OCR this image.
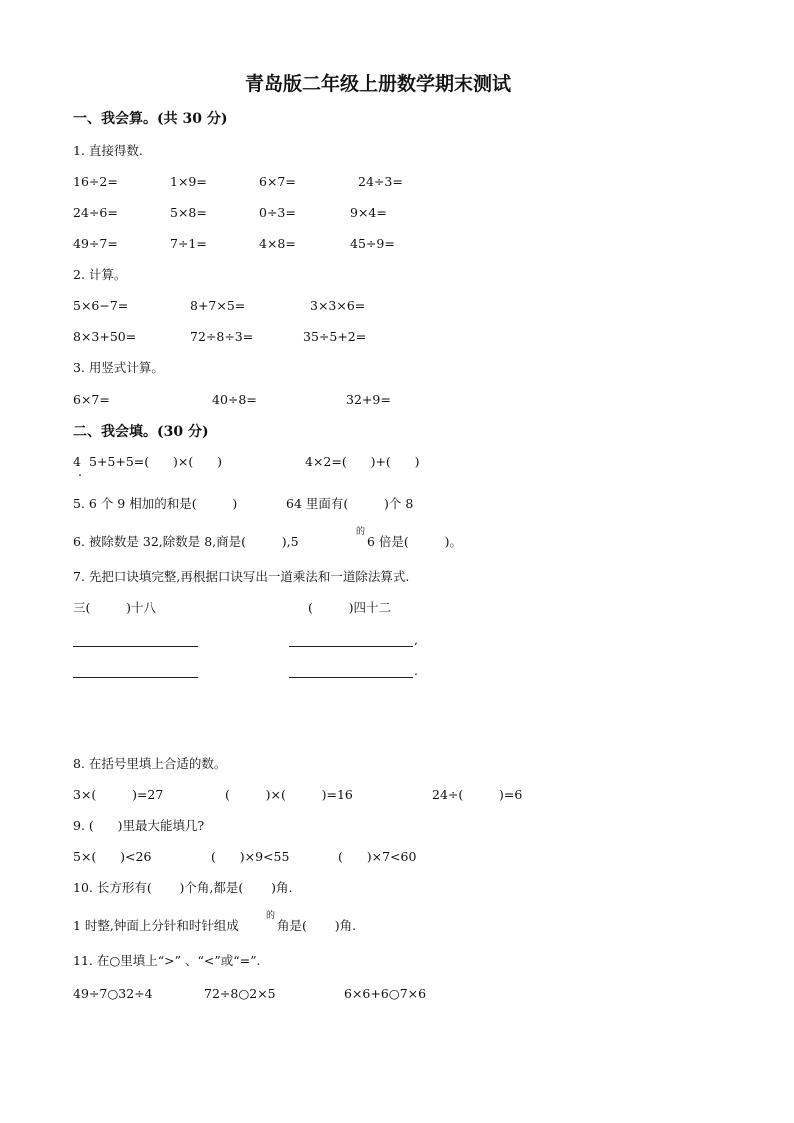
青岛版二年级上册数学期末测试
一、我会算。(共 30 分)
1. 直接得数.
16÷2=	1×9=	6×7=	24÷3=
24÷6=	5×8=	0÷3=	9×4=
49÷7=	7÷1=	4×8=	45÷9=
2. 计算。
5×6−7=	8+7×5=	3×3×6=
8×3+50=	72÷8÷3=	35÷5+2=
3. 用竖式计算。
6×7=	40÷8=	32+9=
二、我会填。(30 分)
4 5+5+5=(      )×(      )	4×2=(      )+(      )
5. 6 个 9 相加的和是(         )	64 里面有(         )个 8
6. 被除数是 32,除数是 8,商是(         ),5
的
6 倍是(         )。
7. 先把口诀填完整,再根据口诀写出一道乘法和一道除法算式.
三(         )十八	(         )四十二
,
.
8. 在括号里填上合适的数。
3×(         )=27	(         )×(         )=16	24÷(         )=6
9. (      )里最大能填几?
5×(      )<26	(      )×9<55	(      )×7<60
10. 长方形有(       )个角,都是(       )角.
1 时整,钟面上分针和时针组成
的
角是(       )角.
11. 在○里填上“>” 、“<”或“=”.
49÷7○32÷4	72÷8○2×5	6×6+6○7×6
